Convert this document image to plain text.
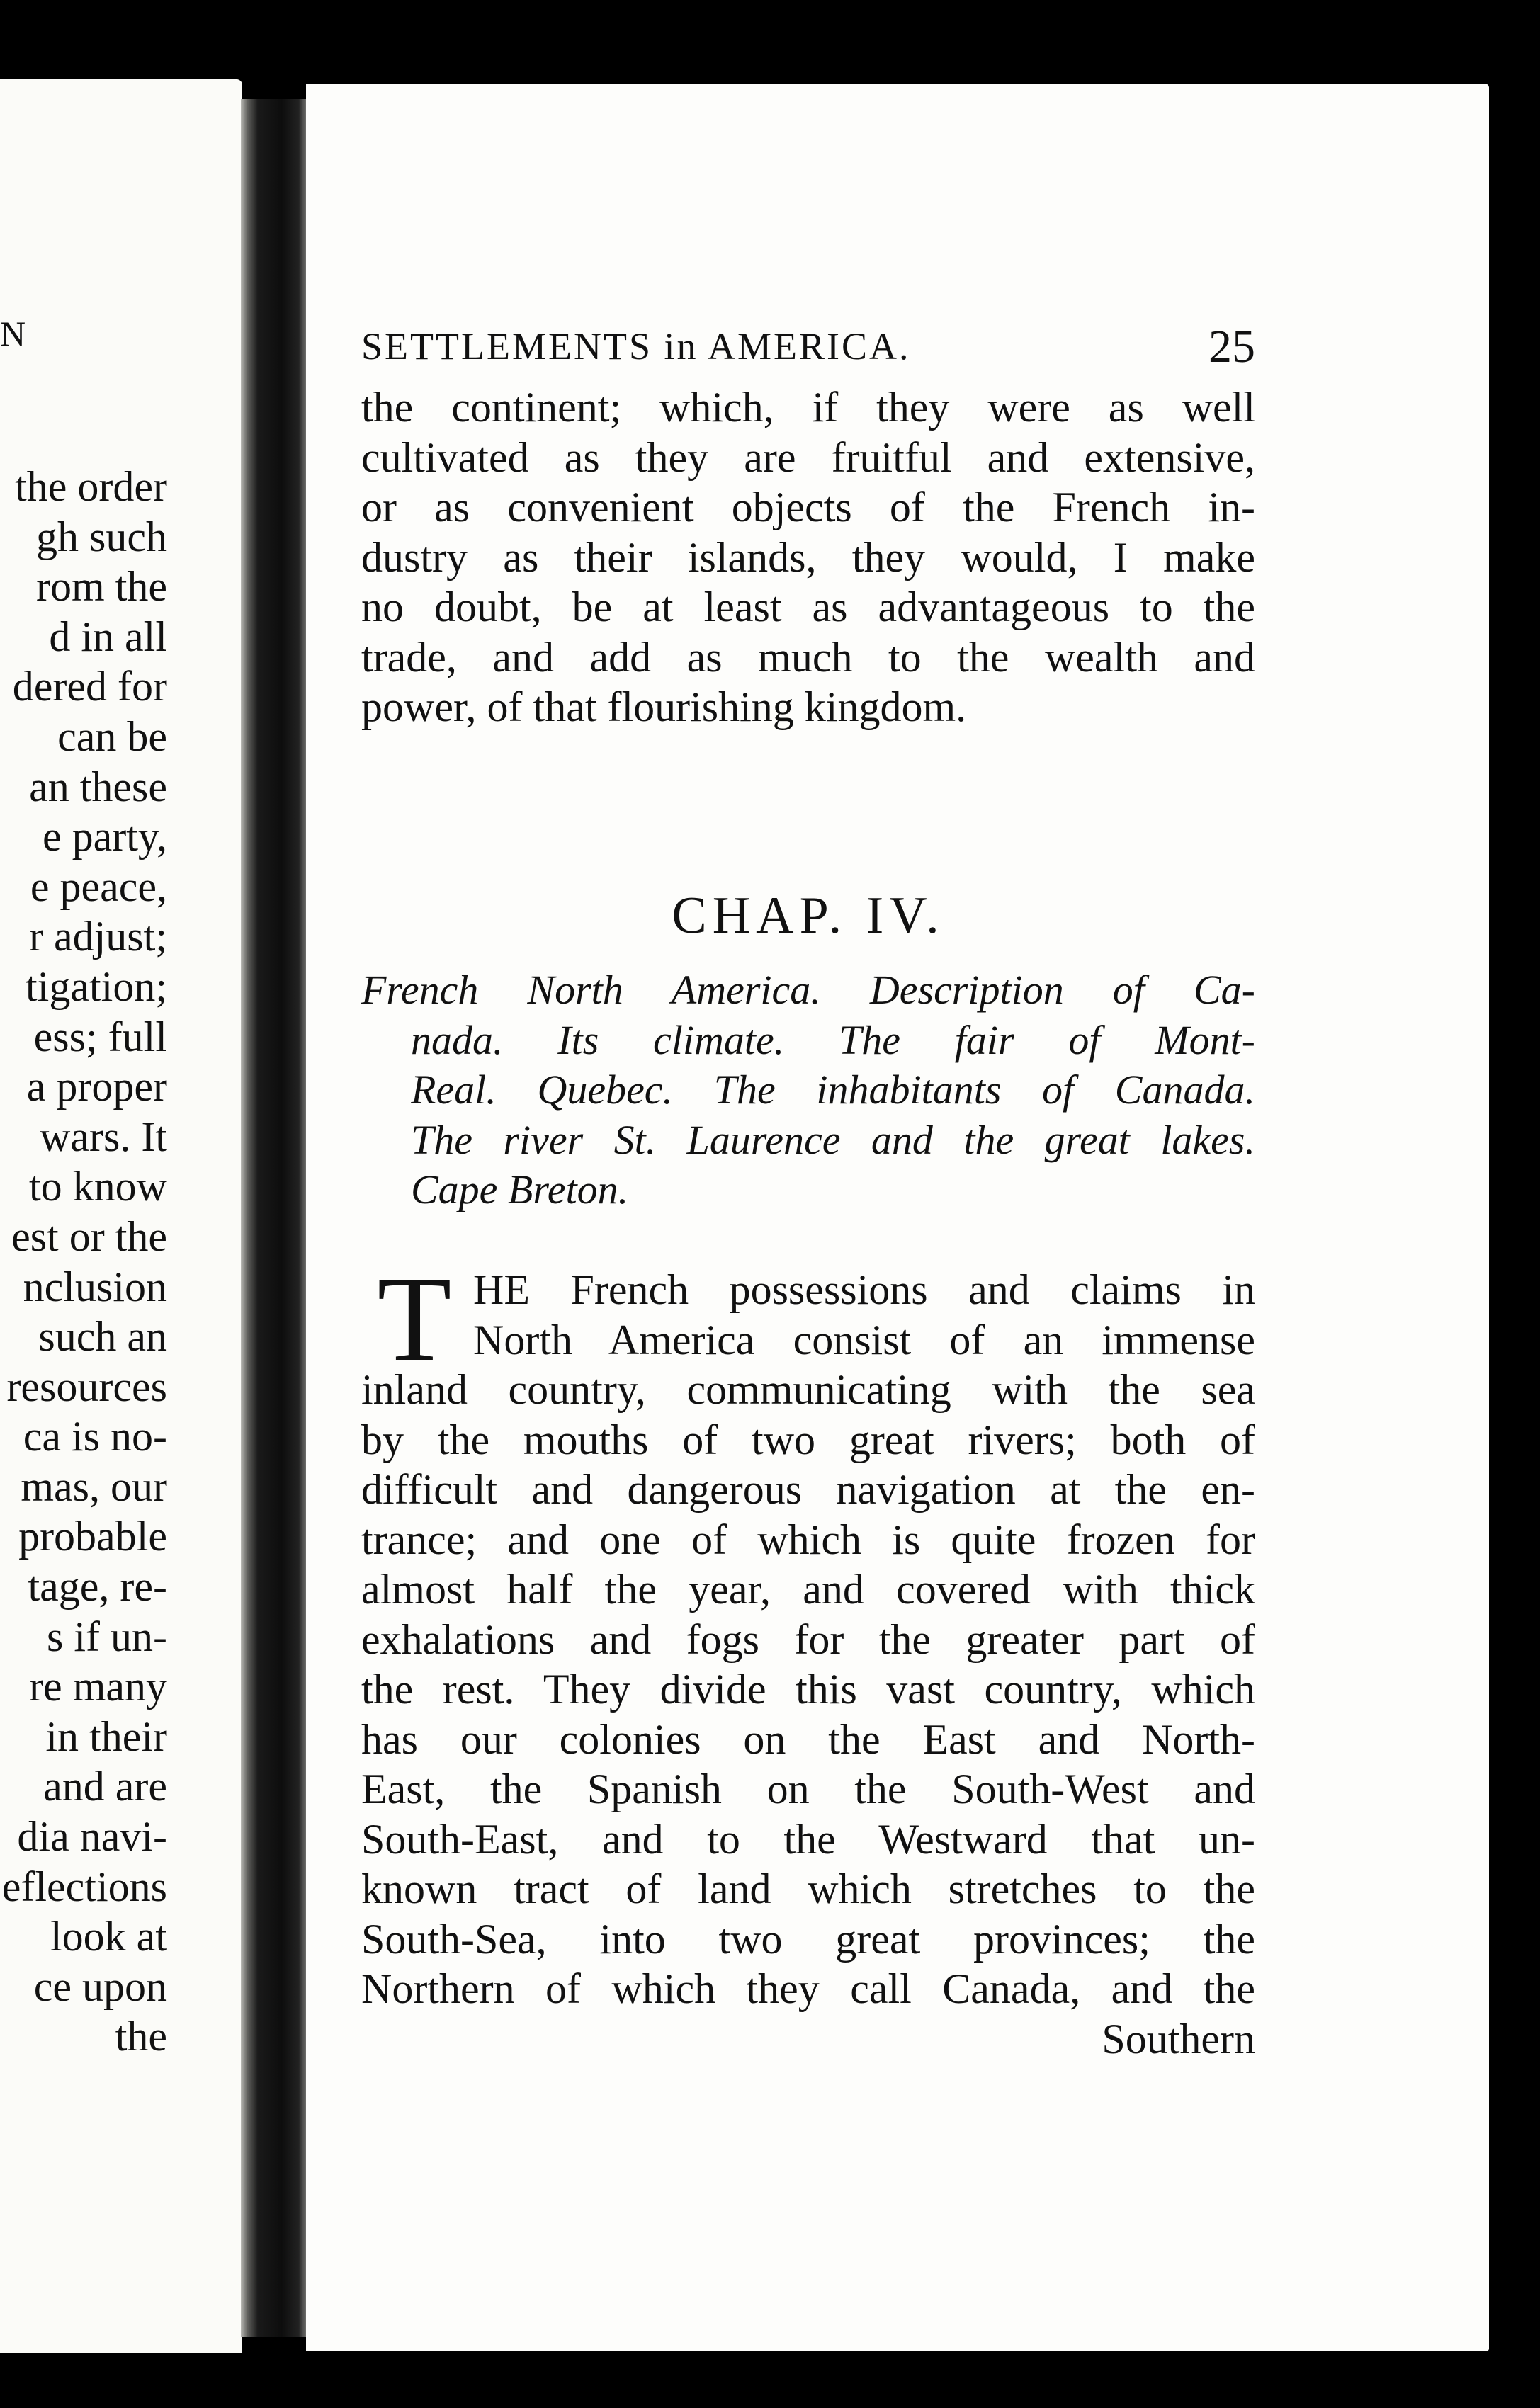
N
the order
gh such
rom the
d in all
dered for
can be
an these
e party,
e peace,
r adjust;
tigation;
ess; full
a proper
wars. It
to know
est or the
nclusion
such an
resources
ca is no-
mas, our
probable
tage, re-
s if un-
re many
in their
and are
dia navi-
eflections
look at
ce upon
the
SETTLEMENTS in AMERICA.	25
the continent; which, if they were as well
cultivated as they are fruitful and extensive,
or as convenient objects of the French in-
dustry as their islands, they would, I make
no doubt, be at least as advantageous to the
trade, and add as much to the wealth and
power, of that flourishing kingdom.
CHAP. IV.
French North America. Description of Ca-
nada. Its climate. The fair of Mont-
Real. Quebec. The inhabitants of Canada.
The river St. Laurence and the great lakes.
Cape Breton.
T HE French possessions and claims in
North America consist of an immense
inland country, communicating with the sea
by the mouths of two great rivers; both of
difficult and dangerous navigation at the en-
trance; and one of which is quite frozen for
almost half the year, and covered with thick
exhalations and fogs for the greater part of
the rest. They divide this vast country, which
has our colonies on the East and North-
East, the Spanish on the South-West and
South-East, and to the Westward that un-
known tract of land which stretches to the
South-Sea, into two great provinces; the
Northern of which they call Canada, and the
Southern
